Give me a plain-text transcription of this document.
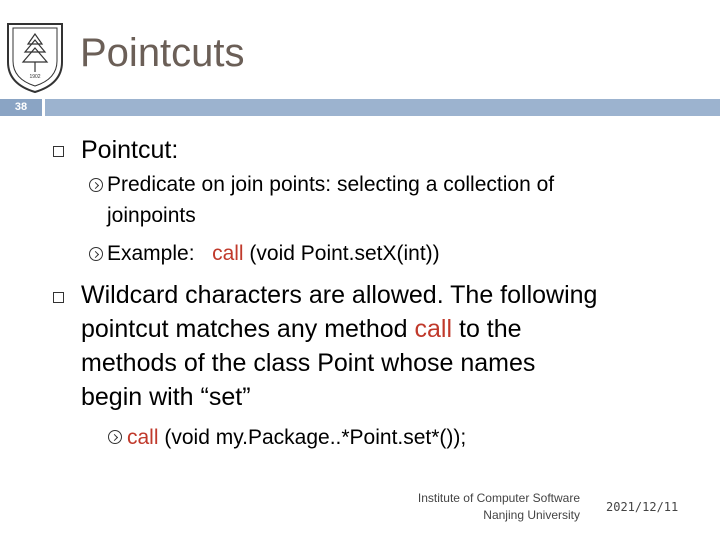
1902
Pointcuts
38
Pointcut:
Predicate on join points: selecting a collection of
joinpoints
Example: call (void Point.setX(int))
Wildcard characters are allowed. The following
pointcut matches any method call to the
methods of the class Point whose names
begin with “set”
call (void my.Package..*Point.set*());
Institute of Computer Software
Nanjing University
2021/12/11
